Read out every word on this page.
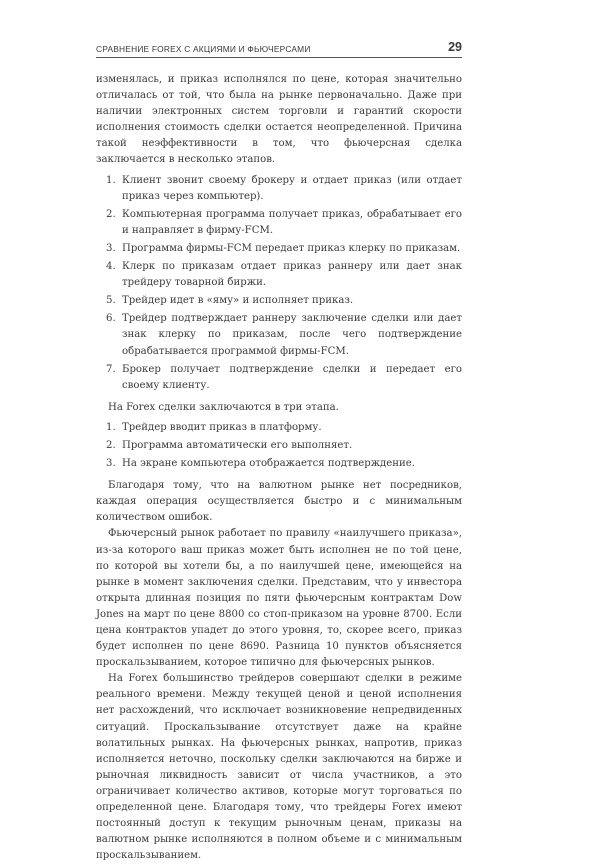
СРАВНЕНИЕ FOREX С АКЦИЯМИ И ФЬЮЧЕРСАМИ	29

изменялась, и приказ исполнялся по цене, которая значительно отличалась от той, что была на рынке первоначально. Даже при наличии электронных систем торговли и гарантий скорости исполнения стоимость сделки остается неопределенной. Причина такой неэффективности в том, что фьючерсная сделка заключается в несколько этапов.

1. Клиент звонит своему брокеру и отдает приказ (или отдает приказ через компьютер).
2. Компьютерная программа получает приказ, обрабатывает его и направляет в фирму-FCM.
3. Программа фирмы-FCM передает приказ клерку по приказам.
4. Клерк по приказам отдает приказ раннеру или дает знак трейдеру товарной биржи.
5. Трейдер идет в «яму» и исполняет приказ.
6. Трейдер подтверждает раннеру заключение сделки или дает знак клерку по приказам, после чего подтверждение обрабатывается программой фирмы-FCM.
7. Брокер получает подтверждение сделки и передает его своему клиенту.

На Forex сделки заключаются в три этапа.

1. Трейдер вводит приказ в платформу.
2. Программа автоматически его выполняет.
3. На экране компьютера отображается подтверждение.

Благодаря тому, что на валютном рынке нет посредников, каждая операция осуществляется быстро и с минимальным количеством ошибок.

Фьючерсный рынок работает по правилу «наилучшего приказа», из-за которого ваш приказ может быть исполнен не по той цене, по которой вы хотели бы, а по наилучшей цене, имеющейся на рынке в момент заключения сделки. Представим, что у инвестора открыта длинная позиция по пяти фьючерсным контрактам Dow Jones на март по цене 8800 со стоп-приказом на уровне 8700. Если цена контрактов упадет до этого уровня, то, скорее всего, приказ будет исполнен по цене 8690. Разница 10 пунктов объясняется проскальзыванием, которое типично для фьючерсных рынков.

На Forex большинство трейдеров совершают сделки в режиме реального времени. Между текущей ценой и ценой исполнения нет расхождений, что исключает возникновение непредвиденных ситуаций. Проскальзывание отсутствует даже на крайне волатильных рынках. На фьючерсных рынках, напротив, приказ исполняется неточно, поскольку сделки заключаются на бирже и рыночная ликвидность зависит от числа участников, а это ограничивает количество активов, которые могут торговаться по определенной цене. Благодаря тому, что трейдеры Forex имеют постоянный доступ к текущим рыночным ценам, приказы на валютном рынке исполняются в полном объеме и с минимальным проскальзыванием.
